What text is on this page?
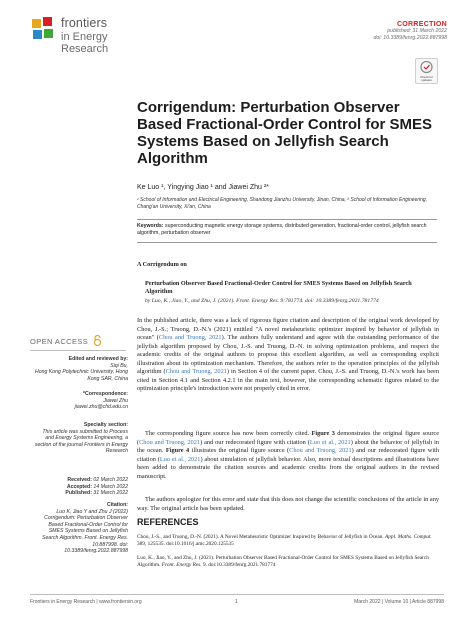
frontiers
in Energy Research
CORRECTION
published: 31 March 2022
doi: 10.3389/fenrg.2022.887998
Check for updates
Corrigendum: Perturbation Observer Based Fractional-Order Control for SMES Systems Based on Jellyfish Search Algorithm
Ke Luo ¹, Yingying Jiao ¹ and Jiawei Zhu ²*
¹ School of Information and Electrical Engineering, Shandong Jianzhu University, Jinan, China, ² School of Information Engineering, Chang'an University, Xi'an, China
Keywords: superconducting magnetic energy storage systems, distributed generation, fractional-order control, jellyfish search algorithm, perturbation observer
A Corrigendum on
Perturbation Observer Based Fractional-Order Control for SMES Systems Based on Jellyfish Search Algorithm
by Luo, K., Jiao, Y., and Zhu, J. (2021). Front. Energy Res. 9:781774. doi: 10.3389/fenrg.2021.781774
In the published article, there was a lack of rigorous figure citation and description of the original work developed by Chou, J.-S.; Truong, D.-N.'s (2021) entitled "A novel metaheuristic optimizer inspired by behavior of jellyfish in ocean" (Chou and Truong, 2021). The authors fully understand and agree with the outstanding performance of the jellyfish algorithm proposed by Chou, J.-S. and Truong, D.-N. in solving optimization problems, and respect the academic credits of the original authors to propose this excellent algorithm, as well as corresponding explicit illustration about its optimization mechanism. Therefore, the authors refer to the operation principles of the jellyfish algorithm (Chou and Truong, 2021) in Section 4 of the current paper. Chou, J.-S. and Truong, D.-N.'s work has been cited in Section 4.1 and Section 4.2.1 in the main text, however, the corresponding schematic figures related to the optimization principle's introduction were not properly cited in error.
The corresponding figure source has now been correctly cited. Figure 3 demonstrates the original figure source (Chou and Truong, 2021) and our redecorated figure with citation (Luo et al., 2021) about the behavior of jellyfish in the ocean. Figure 4 illustrates the original figure source (Chou and Truong, 2021) and our redecorated figure with citation (Luo et al., 2021) about simulation of jellyfish behavior. Also, more textual descriptions and illustrations have been added to demonstrate the citation sources and academic credits from the original authors in the revised manuscript.
The authors apologize for this error and state that this does not change the scientific conclusions of the article in any way. The original article has been updated.
REFERENCES
Chou, J.-S., and Truong, D.-N. (2021). A Novel Metaheuristic Optimizer Inspired by Behavior of Jellyfish in Ocean. Appl. Maths. Comput. 389, 125535. doi:10.1016/j.amc.2020.125535
Luo, K., Jiao, Y., and Zhu, J. (2021). Perturbation Observer Based Fractional-Order Control for SMES Systems Based on Jellyfish Search Algorithm. Front. Energy Res. 9. doi:10.3389/fenrg.2021.781774
OPEN ACCESS
Edited and reviewed by:
Siqi Bu,
Hong Kong Polytechnic University, Hong Kong SAR, China
*Correspondence:
Jiawei Zhu
jiawei.zhu@chd.edu.cn
Specialty section:
This article was submitted to Process and Energy Systems Engineering, a section of the journal Frontiers in Energy Research
Received: 02 March 2022
Accepted: 14 March 2022
Published: 31 March 2022
Citation:
Luo K, Jiao Y and Zhu J (2022) Corrigendum: Perturbation Observer Based Fractional-Order Control for SMES Systems Based on Jellyfish Search Algorithm. Front. Energy Res. 10:887998. doi: 10.3389/fenrg.2022.887998
Frontiers in Energy Research | www.frontiersin.org	1	March 2022 | Volume 10 | Article 887998
